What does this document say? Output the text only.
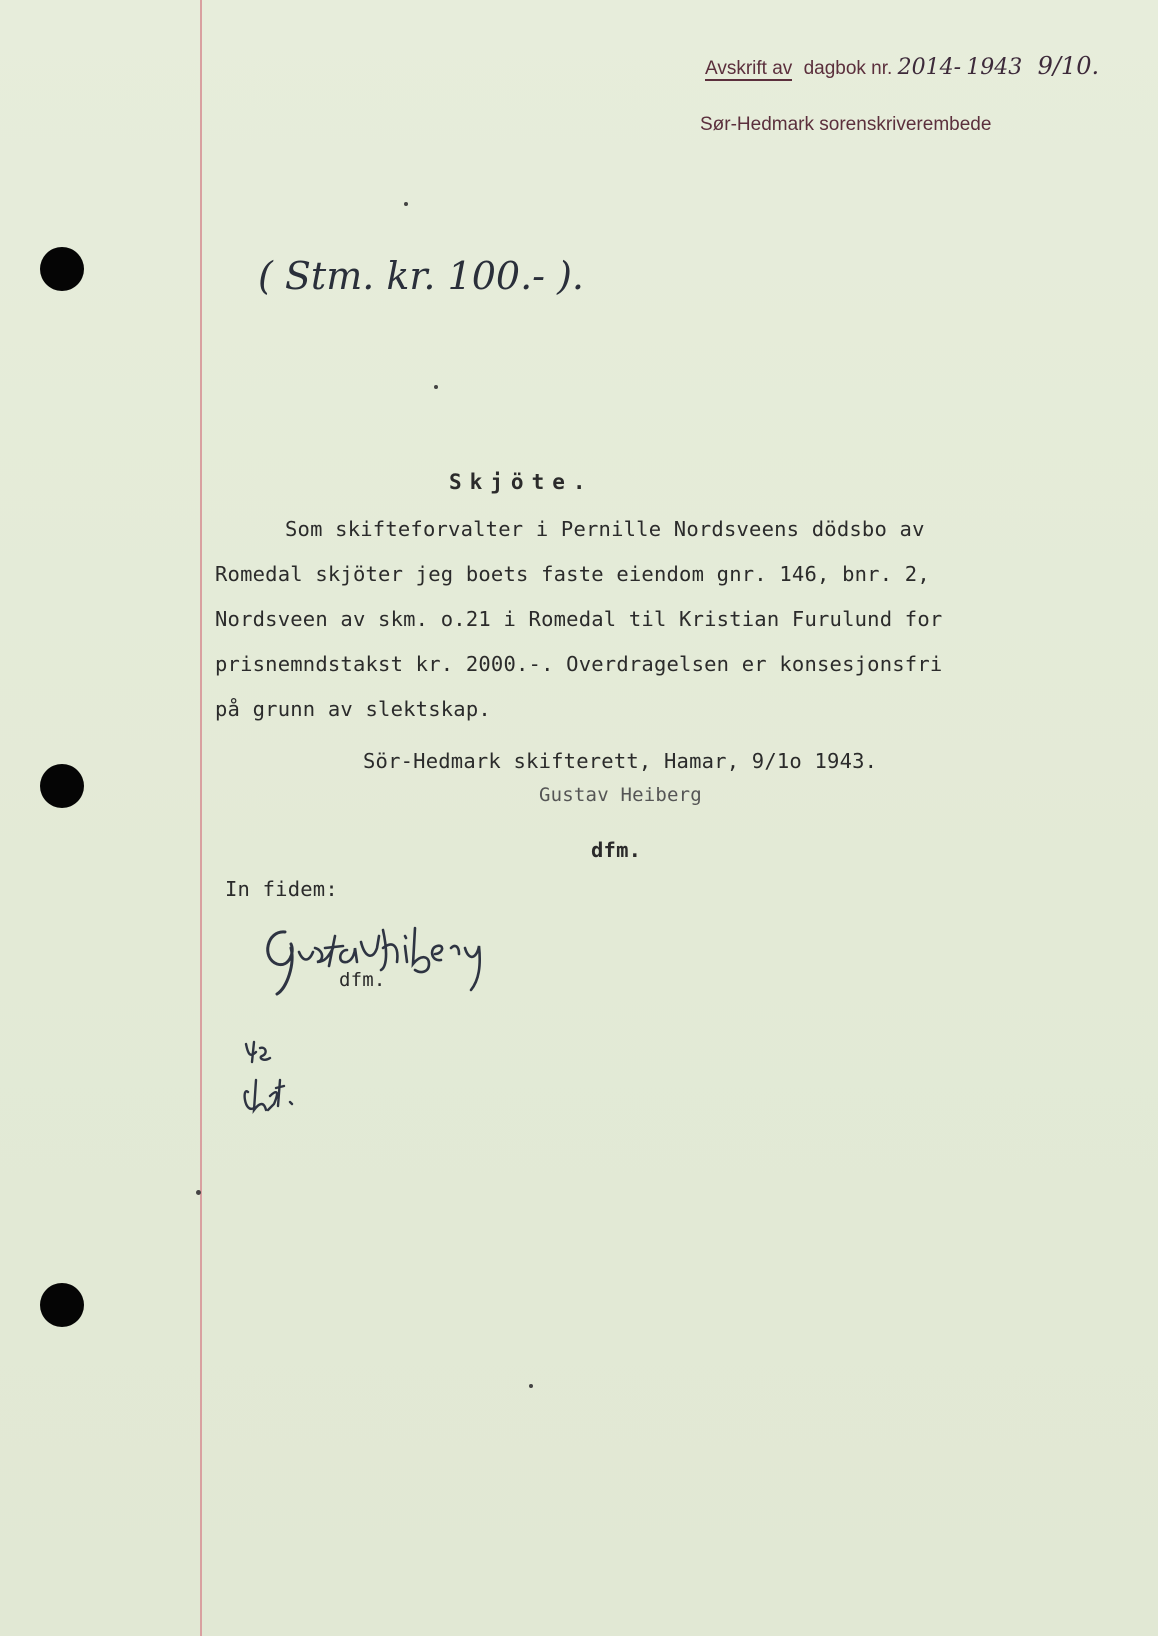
Avskrift av dagbok nr. 2014- 1943 9/10.
Sør-Hedmark sorenskriverembede
( Stm. kr. 100.- ).
Skjöte.
Som skifteforvalter i Pernille Nordsveens dödsbo av
Romedal skjöter jeg boets faste eiendom gnr. 146, bnr. 2,
Nordsveen av skm. o.21 i Romedal til Kristian Furulund for
prisnemndstakst kr. 2000.-. Overdragelsen er konsesjonsfri
på grunn av slektskap.
Sör-Hedmark skifterett, Hamar, 9/1o 1943.
Gustav Heiberg
dfm.
In fidem:
dfm.
